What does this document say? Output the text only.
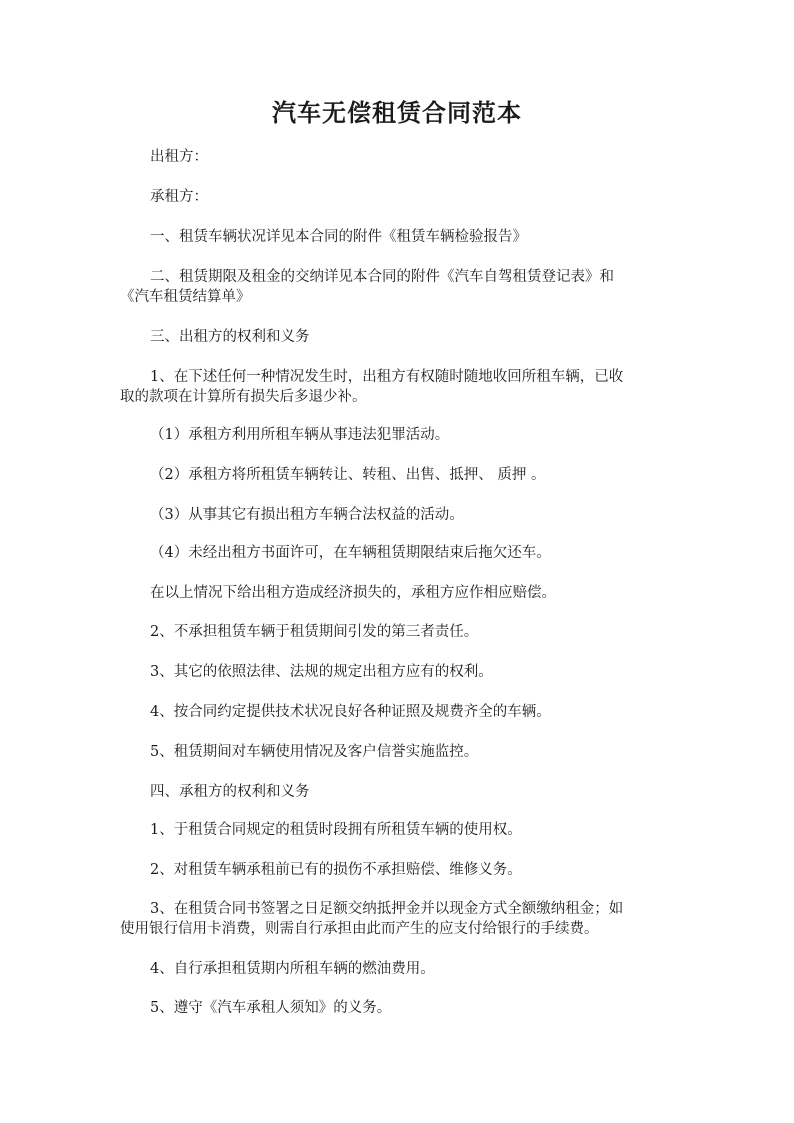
汽车无偿租赁合同范本
出租方：
承租方：
一、租赁车辆状况详见本合同的附件《租赁车辆检验报告》
二、租赁期限及租金的交纳详见本合同的附件《汽车自驾租赁登记表》和
《汽车租赁结算单》
三、出租方的权利和义务
1、在下述任何一种情况发生时，出租方有权随时随地收回所租车辆，已收
取的款项在计算所有损失后多退少补。
（1）承租方利用所租车辆从事违法犯罪活动。
（2）承租方将所租赁车辆转让、转租、出售、抵押、 质押 。
（3）从事其它有损出租方车辆合法权益的活动。
（4）未经出租方书面许可，在车辆租赁期限结束后拖欠还车。
在以上情况下给出租方造成经济损失的，承租方应作相应赔偿。
2、不承担租赁车辆于租赁期间引发的第三者责任。
3、其它的依照法律、法规的规定出租方应有的权利。
4、按合同约定提供技术状况良好各种证照及规费齐全的车辆。
5、租赁期间对车辆使用情况及客户信誉实施监控。
四、承租方的权利和义务
1、于租赁合同规定的租赁时段拥有所租赁车辆的使用权。
2、对租赁车辆承租前已有的损伤不承担赔偿、维修义务。
3、在租赁合同书签署之日足额交纳抵押金并以现金方式全额缴纳租金；如
使用银行信用卡消费，则需自行承担由此而产生的应支付给银行的手续费。
4、自行承担租赁期内所租车辆的燃油费用。
5、遵守《汽车承租人须知》的义务。
